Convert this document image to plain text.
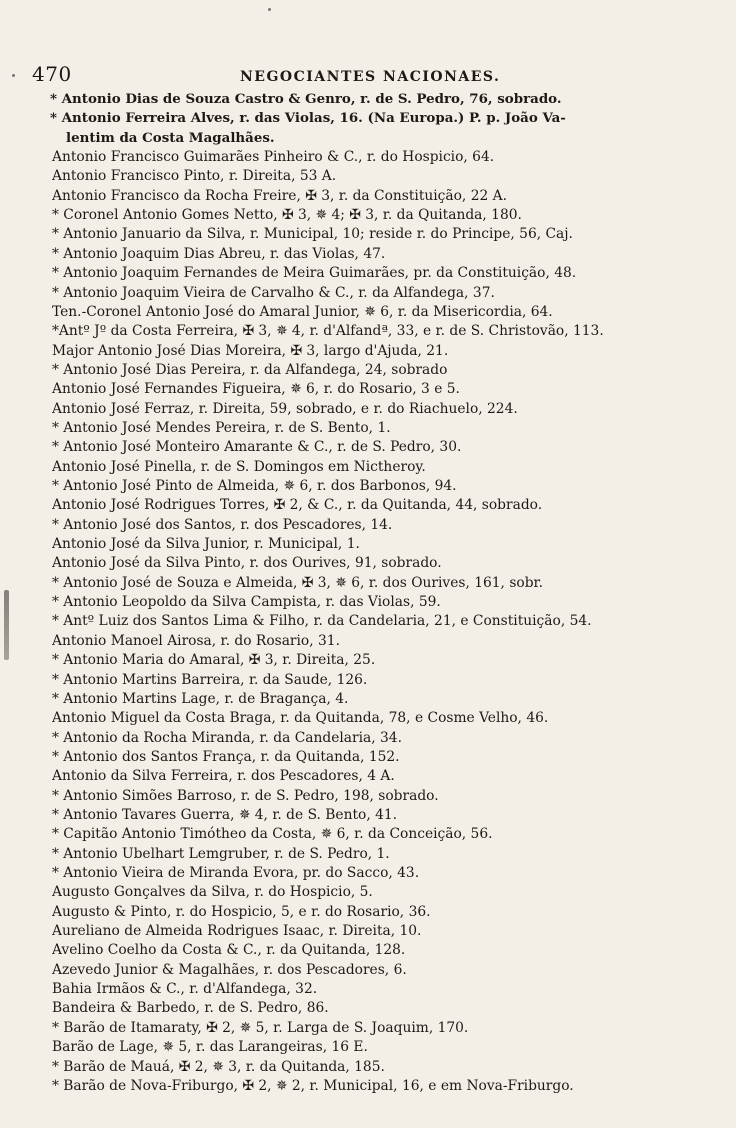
470	NEGOCIANTES NACIONAES.
* Antonio Dias de Souza Castro & Genro, r. de S. Pedro, 76, sobrado.
* Antonio Ferreira Alves, r. das Violas, 16. (Na Europa.) P. p. João Va-
lentim da Costa Magalhães.
Antonio Francisco Guimarães Pinheiro & C., r. do Hospicio, 64.
Antonio Francisco Pinto, r. Direita, 53 A.
Antonio Francisco da Rocha Freire, ✠ 3, r. da Constituição, 22 A.
* Coronel Antonio Gomes Netto, ✠ 3, ✵ 4; ✠ 3, r. da Quitanda, 180.
* Antonio Januario da Silva, r. Municipal, 10; reside r. do Principe, 56, Caj.
* Antonio Joaquim Dias Abreu, r. das Violas, 47.
* Antonio Joaquim Fernandes de Meira Guimarães, pr. da Constituição, 48.
* Antonio Joaquim Vieira de Carvalho & C., r. da Alfandega, 37.
Ten.-Coronel Antonio José do Amaral Junior, ✵ 6, r. da Misericordia, 64.
*Antº Jº da Costa Ferreira, ✠ 3, ✵ 4, r. d'Alfandª, 33, e r. de S. Christovão, 113.
Major Antonio José Dias Moreira, ✠ 3, largo d'Ajuda, 21.
* Antonio José Dias Pereira, r. da Alfandega, 24, sobrado
Antonio José Fernandes Figueira, ✵ 6, r. do Rosario, 3 e 5.
Antonio José Ferraz, r. Direita, 59, sobrado, e r. do Riachuelo, 224.
* Antonio José Mendes Pereira, r. de S. Bento, 1.
* Antonio José Monteiro Amarante & C., r. de S. Pedro, 30.
Antonio José Pinella, r. de S. Domingos em Nictheroy.
* Antonio José Pinto de Almeida, ✵ 6, r. dos Barbonos, 94.
Antonio José Rodrigues Torres, ✠ 2, & C., r. da Quitanda, 44, sobrado.
* Antonio José dos Santos, r. dos Pescadores, 14.
Antonio José da Silva Junior, r. Municipal, 1.
Antonio José da Silva Pinto, r. dos Ourives, 91, sobrado.
* Antonio José de Souza e Almeida, ✠ 3, ✵ 6, r. dos Ourives, 161, sobr.
* Antonio Leopoldo da Silva Campista, r. das Violas, 59.
* Antº Luiz dos Santos Lima & Filho, r. da Candelaria, 21, e Constituição, 54.
Antonio Manoel Airosa, r. do Rosario, 31.
* Antonio Maria do Amaral, ✠ 3, r. Direita, 25.
* Antonio Martins Barreira, r. da Saude, 126.
* Antonio Martins Lage, r. de Bragança, 4.
Antonio Miguel da Costa Braga, r. da Quitanda, 78, e Cosme Velho, 46.
* Antonio da Rocha Miranda, r. da Candelaria, 34.
* Antonio dos Santos França, r. da Quitanda, 152.
Antonio da Silva Ferreira, r. dos Pescadores, 4 A.
* Antonio Simões Barroso, r. de S. Pedro, 198, sobrado.
* Antonio Tavares Guerra, ✵ 4, r. de S. Bento, 41.
* Capitão Antonio Timótheo da Costa, ✵ 6, r. da Conceição, 56.
* Antonio Ubelhart Lemgruber, r. de S. Pedro, 1.
* Antonio Vieira de Miranda Evora, pr. do Sacco, 43.
Augusto Gonçalves da Silva, r. do Hospicio, 5.
Augusto & Pinto, r. do Hospicio, 5, e r. do Rosario, 36.
Aureliano de Almeida Rodrigues Isaac, r. Direita, 10.
Avelino Coelho da Costa & C., r. da Quitanda, 128.
Azevedo Junior & Magalhães, r. dos Pescadores, 6.
Bahia Irmãos & C., r. d'Alfandega, 32.
Bandeira & Barbedo, r. de S. Pedro, 86.
* Barão de Itamaraty, ✠ 2, ✵ 5, r. Larga de S. Joaquim, 170.
Barão de Lage, ✵ 5, r. das Larangeiras, 16 E.
* Barão de Mauá, ✠ 2, ✵ 3, r. da Quitanda, 185.
* Barão de Nova-Friburgo, ✠ 2, ✵ 2, r. Municipal, 16, e em Nova-Friburgo.
